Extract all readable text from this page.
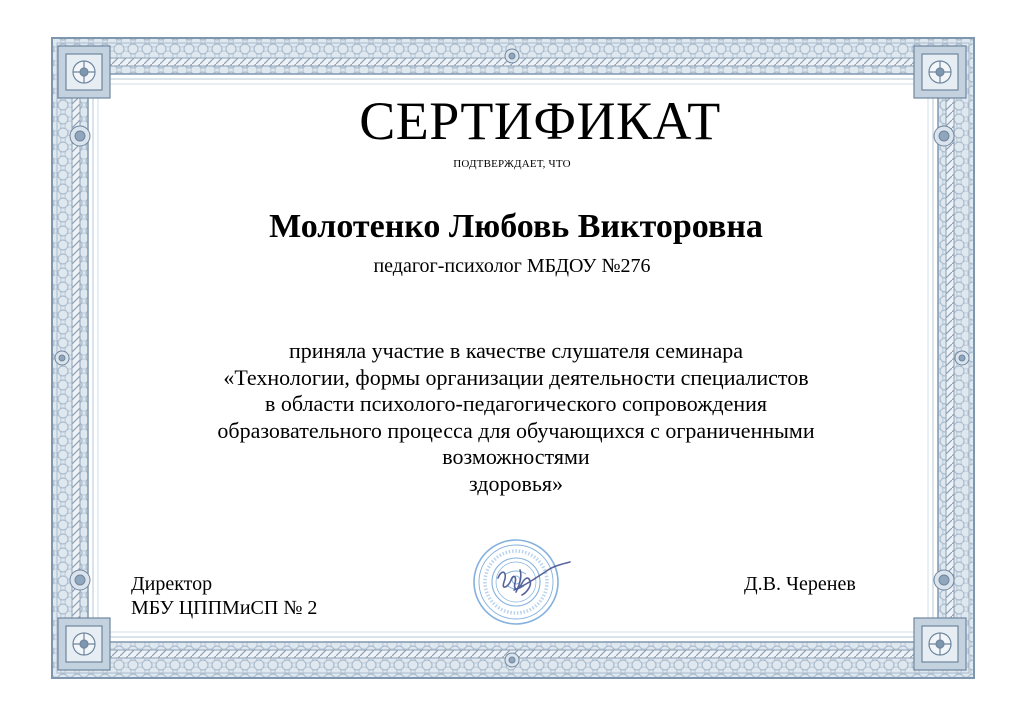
СЕРТИФИКАТ
ПОДТВЕРЖДАЕТ, ЧТО
Молотенко Любовь Викторовна
педагог-психолог МБДОУ №276
приняла участие в качестве слушателя семинара
«Технологии, формы организации деятельности специалистов
в области психолого-педагогического сопровождения
образовательного процесса для обучающихся с ограниченными
возможностями
здоровья»
Директор
МБУ ЦППМиСП № 2
Д.В. Черенев
